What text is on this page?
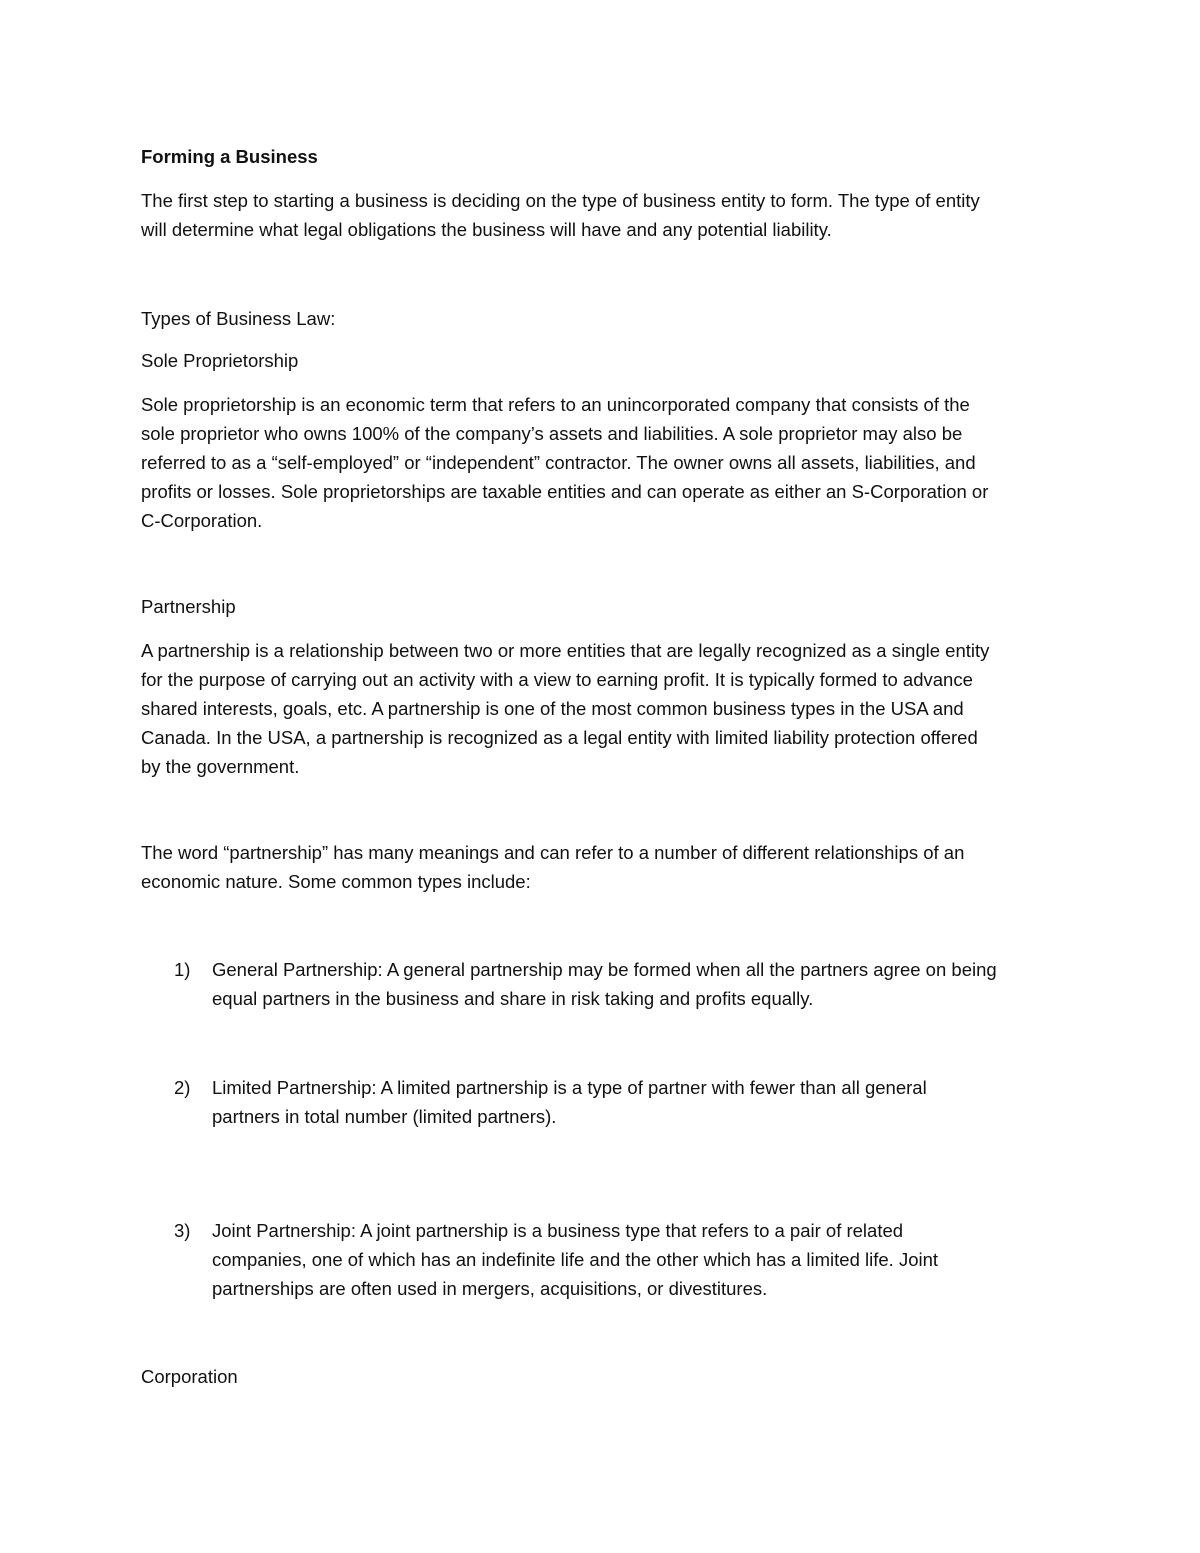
Forming a Business
The first step to starting a business is deciding on the type of business entity to form. The type of entity
will determine what legal obligations the business will have and any potential liability.
Types of Business Law:
Sole Proprietorship
Sole proprietorship is an economic term that refers to an unincorporated company that consists of the
sole proprietor who owns 100% of the company’s assets and liabilities. A sole proprietor may also be
referred to as a “self-employed” or “independent” contractor. The owner owns all assets, liabilities, and
profits or losses. Sole proprietorships are taxable entities and can operate as either an S-Corporation or
C-Corporation.
Partnership
A partnership is a relationship between two or more entities that are legally recognized as a single entity
for the purpose of carrying out an activity with a view to earning profit. It is typically formed to advance
shared interests, goals, etc. A partnership is one of the most common business types in the USA and
Canada. In the USA, a partnership is recognized as a legal entity with limited liability protection offered
by the government.
The word “partnership” has many meanings and can refer to a number of different relationships of an
economic nature. Some common types include:
1) General Partnership: A general partnership may be formed when all the partners agree on being
equal partners in the business and share in risk taking and profits equally.
2) Limited Partnership: A limited partnership is a type of partner with fewer than all general
partners in total number (limited partners).
3) Joint Partnership: A joint partnership is a business type that refers to a pair of related
companies, one of which has an indefinite life and the other which has a limited life. Joint
partnerships are often used in mergers, acquisitions, or divestitures.
Corporation
